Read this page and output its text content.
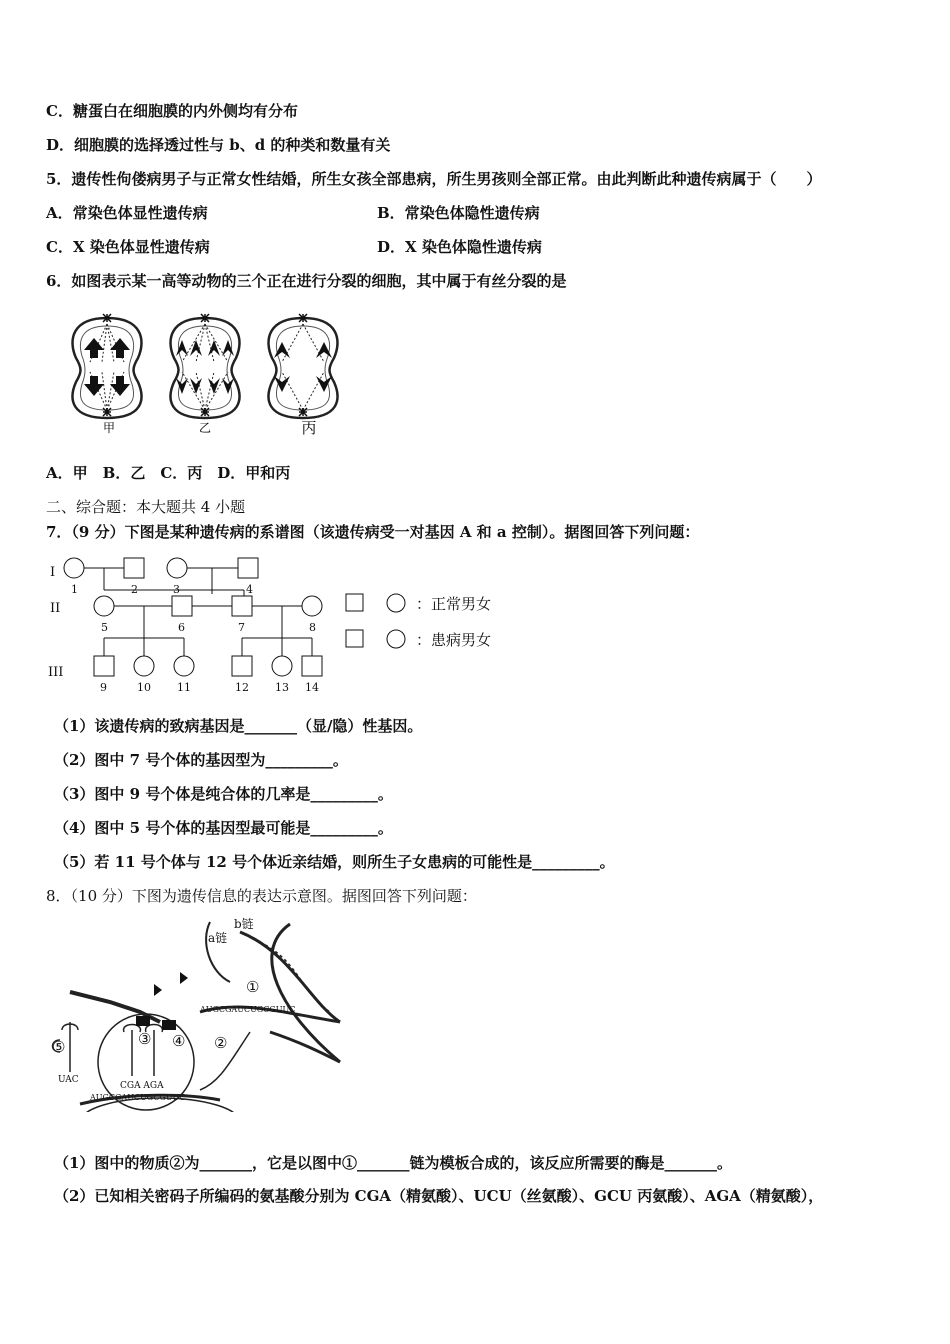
C．糖蛋白在细胞膜的内外侧均有分布
D．细胞膜的选择透过性与 b、d 的种类和数量有关
5．遗传性佝偻病男子与正常女性结婚，所生女孩全部患病，所生男孩则全部正常。由此判断此种遗传病属于（　　）
A．常染色体显性遗传病	B．常染色体隐性遗传病
C．X 染色体显性遗传病	D．X 染色体隐性遗传病
6．如图表示某一高等动物的三个正在进行分裂的细胞，其中属于有丝分裂的是
甲	乙	丙
A．甲　B．乙　C．丙　D．甲和丙
二、综合题：本大题共 4 小题
7．（9 分）下图是某种遗传病的系谱图（该遗传病受一对基因 A 和 a 控制）。据图回答下列问题：
I
II
III
1	2	3	4
5	6	7	8
9	10 11	12 13 14
：正常男女
：患病男女
（1）该遗传病的致病基因是_______（显/隐）性基因。
（2）图中 7 号个体的基因型为_________。
（3）图中 9 号个体是纯合体的几率是_________。
（4）图中 5 号个体的基因型最可能是_________。
（5）若 11 号个体与 12 号个体近亲结婚，则所生子女患病的可能性是_________。
8．（10 分）下图为遗传信息的表达示意图。据图回答下列问题：
b链
a链
①
②
③ ④
⑤
UAC
CGA AGA
AUGCGAUCUGCGUUC
AUGCGAUCUGCGUUC
（1）图中的物质②为_______，它是以图中①_______链为模板合成的，该反应所需要的酶是_______。
（2）已知相关密码子所编码的氨基酸分别为 CGA（精氨酸）、UCU（丝氨酸）、GCU 丙氨酸）、AGA（精氨酸），
